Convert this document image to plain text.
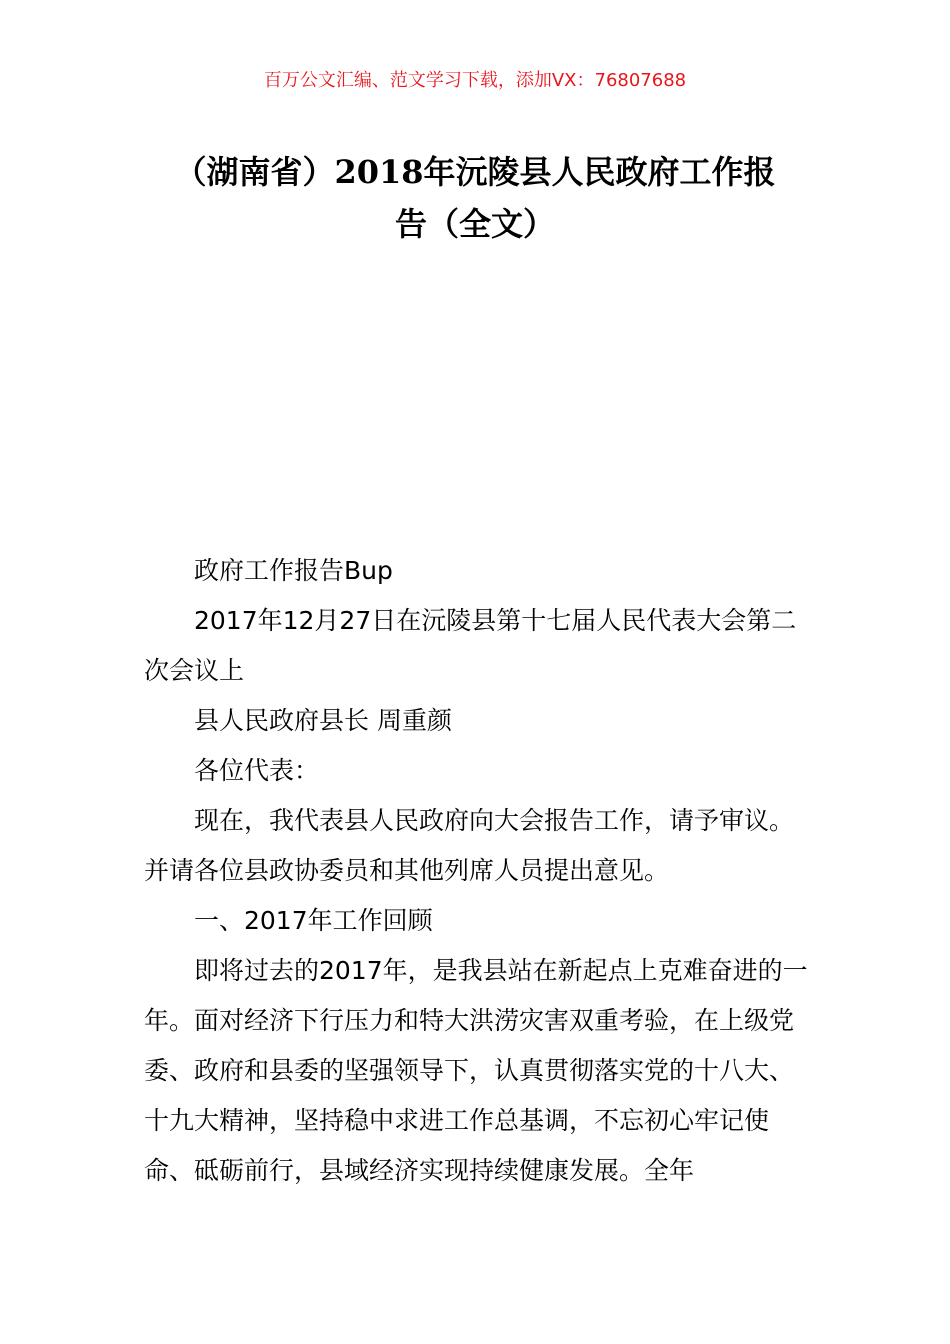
百万公文汇编、范文学习下载，添加VX：76807688
（湖南省）2018年沅陵县人民政府工作报
告（全文）

政府工作报告Bup

2017年12月27日在沅陵县第十七届人民代表大会第二次会议上

县人民政府县长 周重颜

各位代表：

现在，我代表县人民政府向大会报告工作，请予审议。并请各位县政协委员和其他列席人员提出意见。

一、2017年工作回顾

即将过去的2017年，是我县站在新起点上克难奋进的一年。面对经济下行压力和特大洪涝灾害双重考验，在上级党委、政府和县委的坚强领导下，认真贯彻落实党的十八大、十九大精神，坚持稳中求进工作总基调，不忘初心牢记使命、砥砺前行，县域经济实现持续健康发展。全年
